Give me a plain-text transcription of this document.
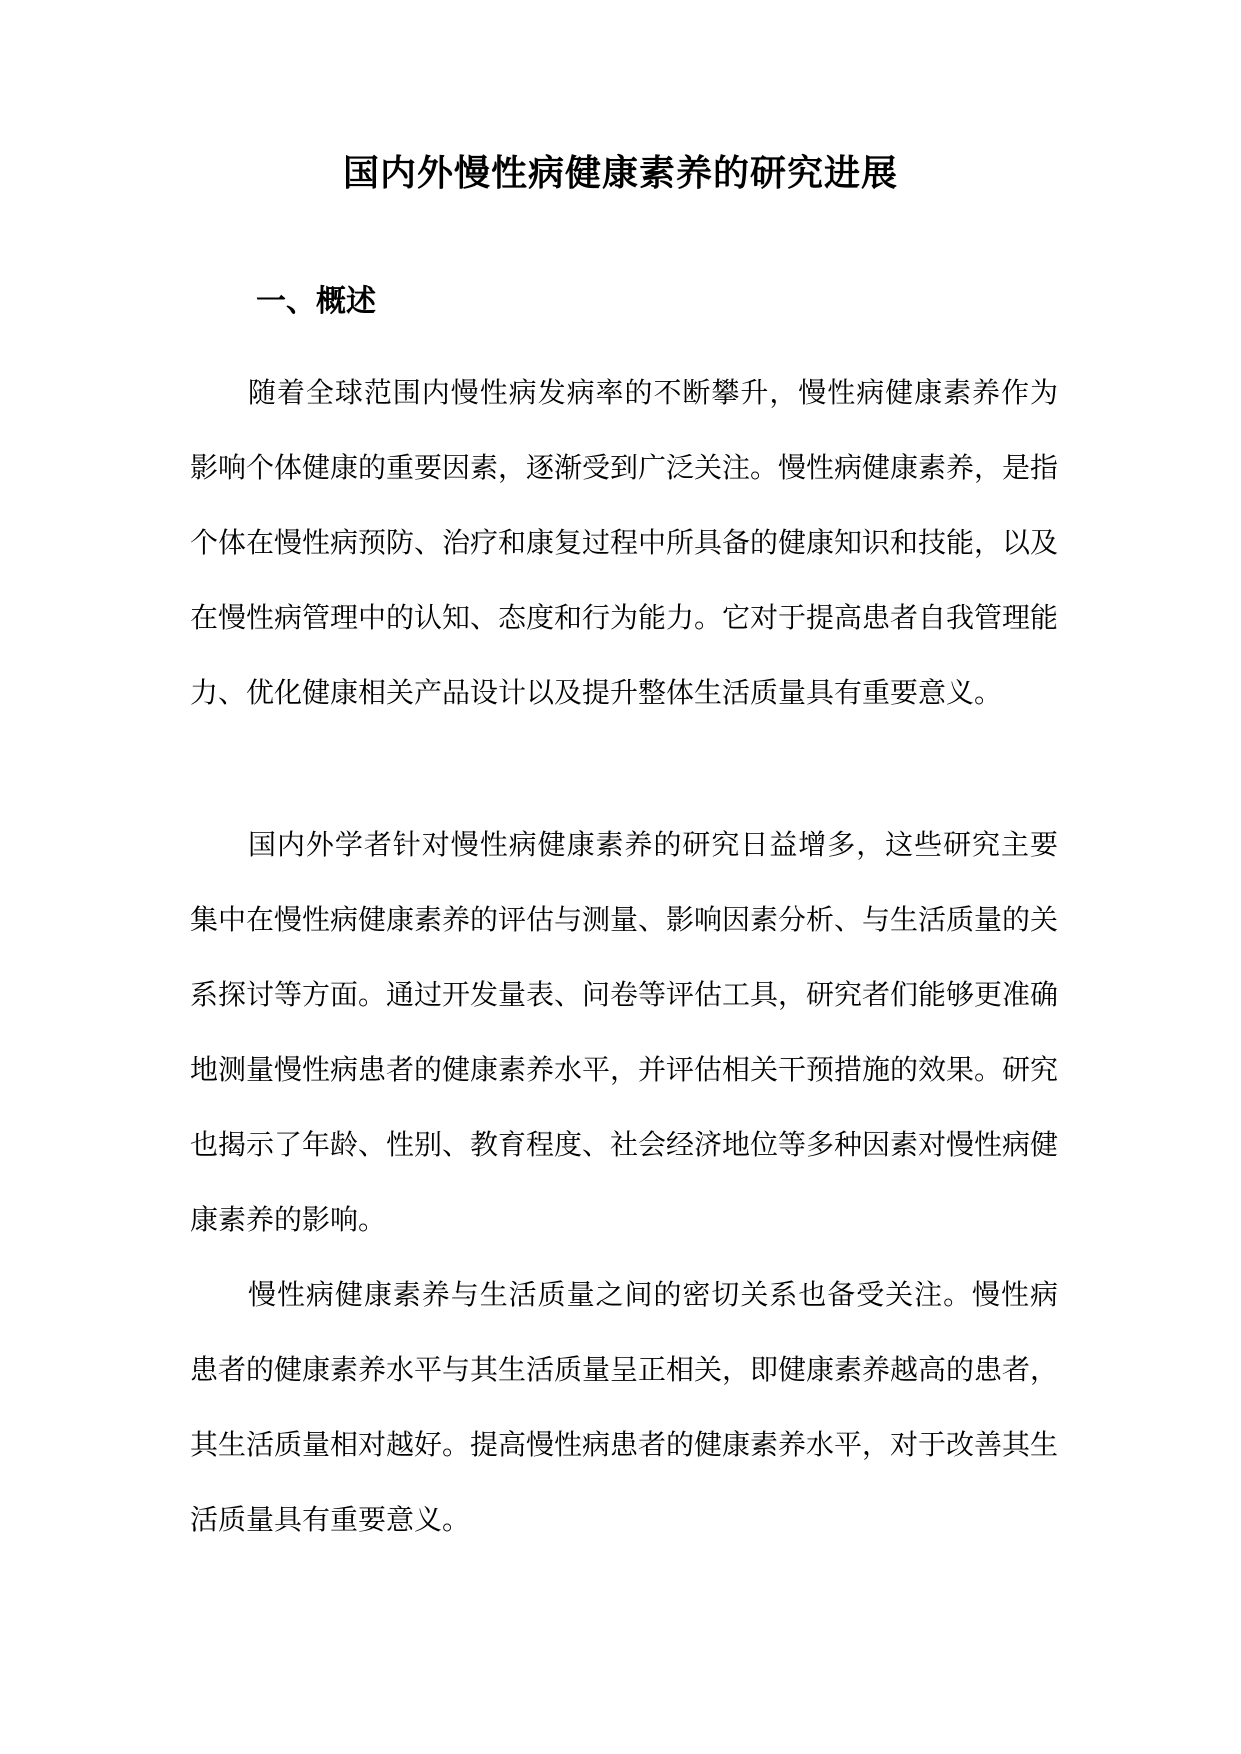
国内外慢性病健康素养的研究进展
一、概述

随着全球范围内慢性病发病率的不断攀升，慢性病健康素养作为影响个体健康的重要因素，逐渐受到广泛关注。慢性病健康素养，是指个体在慢性病预防、治疗和康复过程中所具备的健康知识和技能，以及在慢性病管理中的认知、态度和行为能力。它对于提高患者自我管理能力、优化健康相关产品设计以及提升整体生活质量具有重要意义。

国内外学者针对慢性病健康素养的研究日益增多，这些研究主要集中在慢性病健康素养的评估与测量、影响因素分析、与生活质量的关系探讨等方面。通过开发量表、问卷等评估工具，研究者们能够更准确地测量慢性病患者的健康素养水平，并评估相关干预措施的效果。研究也揭示了年龄、性别、教育程度、社会经济地位等多种因素对慢性病健康素养的影响。

慢性病健康素养与生活质量之间的密切关系也备受关注。慢性病患者的健康素养水平与其生活质量呈正相关，即健康素养越高的患者，其生活质量相对越好。提高慢性病患者的健康素养水平，对于改善其生活质量具有重要意义。
